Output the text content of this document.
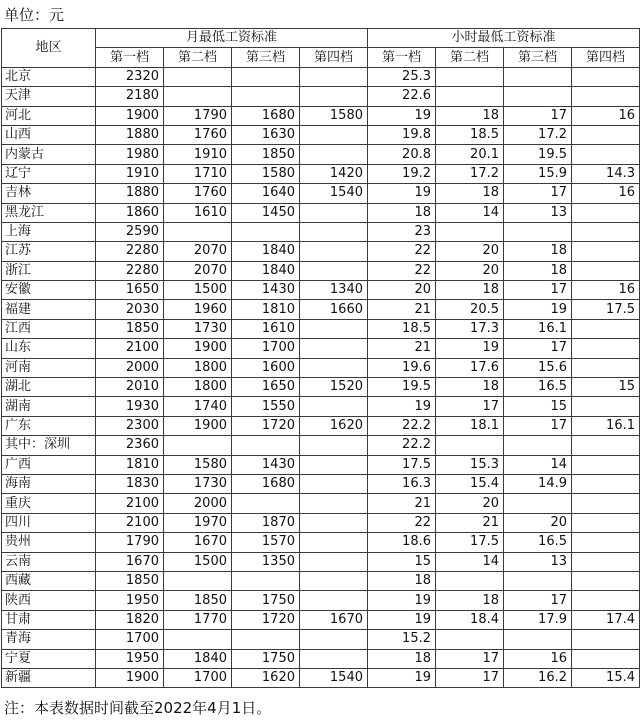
单位：元
地区	月最低工资标准				小时最低工资标准			
	第一档	第二档	第三档	第四档	第一档	第二档	第三档	第四档
北京	2320				25.3			
天津	2180				22.6			
河北	1900	1790	1680	1580	19	18	17	16
山西	1880	1760	1630		19.8	18.5	17.2	
内蒙古	1980	1910	1850		20.8	20.1	19.5	
辽宁	1910	1710	1580	1420	19.2	17.2	15.9	14.3
吉林	1880	1760	1640	1540	19	18	17	16
黑龙江	1860	1610	1450		18	14	13	
上海	2590				23			
江苏	2280	2070	1840		22	20	18	
浙江	2280	2070	1840		22	20	18	
安徽	1650	1500	1430	1340	20	18	17	16
福建	2030	1960	1810	1660	21	20.5	19	17.5
江西	1850	1730	1610		18.5	17.3	16.1	
山东	2100	1900	1700		21	19	17	
河南	2000	1800	1600		19.6	17.6	15.6	
湖北	2010	1800	1650	1520	19.5	18	16.5	15
湖南	1930	1740	1550		19	17	15	
广东	2300	1900	1720	1620	22.2	18.1	17	16.1
其中：深圳	2360				22.2			
广西	1810	1580	1430		17.5	15.3	14	
海南	1830	1730	1680		16.3	15.4	14.9	
重庆	2100	2000			21	20		
四川	2100	1970	1870		22	21	20	
贵州	1790	1670	1570		18.6	17.5	16.5	
云南	1670	1500	1350		15	14	13	
西藏	1850				18			
陕西	1950	1850	1750		19	18	17	
甘肃	1820	1770	1720	1670	19	18.4	17.9	17.4
青海	1700				15.2			
宁夏	1950	1840	1750		18	17	16	
新疆	1900	1700	1620	1540	19	17	16.2	15.4
注：本表数据时间截至2022年4月1日。
